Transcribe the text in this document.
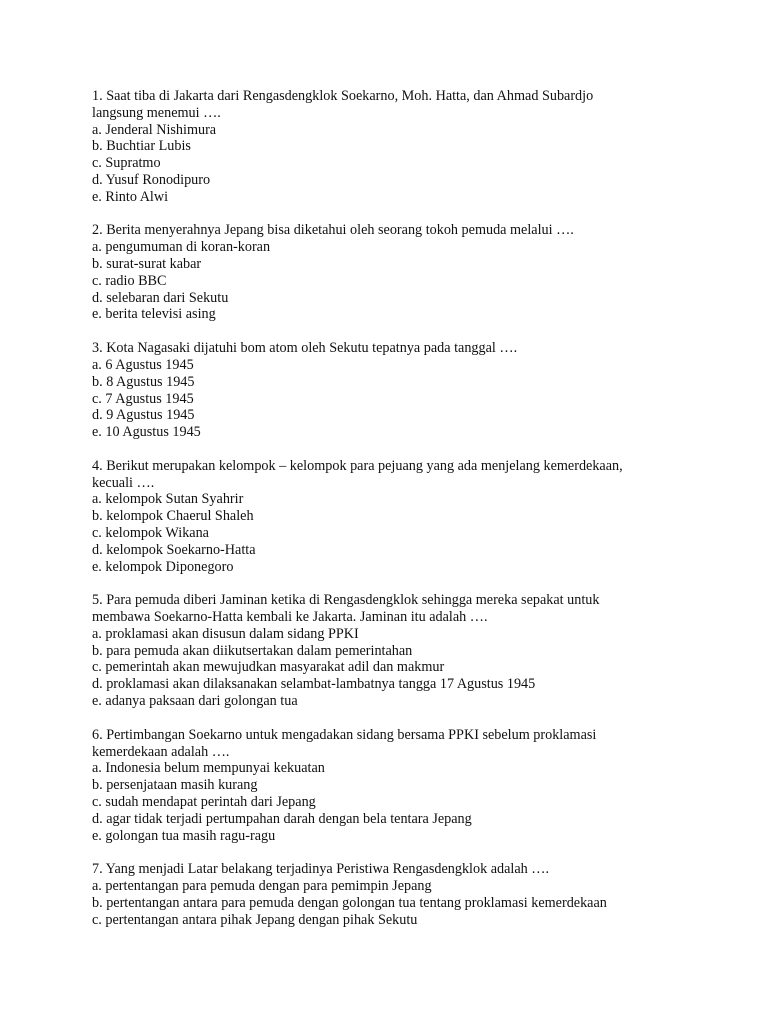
1. Saat tiba di Jakarta dari Rengasdengklok Soekarno, Moh. Hatta, dan Ahmad Subardjo
langsung menemui ….

a. Jenderal Nishimura
b. Buchtiar Lubis
c. Supratmo
d. Yusuf Ronodipuro
e. Rinto Alwi

2. Berita menyerahnya Jepang bisa diketahui oleh seorang tokoh pemuda melalui ….

a. pengumuman di koran-koran
b. surat-surat kabar
c. radio BBC
d. selebaran dari Sekutu
e. berita televisi asing

3. Kota Nagasaki dijatuhi bom atom oleh Sekutu tepatnya pada tanggal ….

a. 6 Agustus 1945
b. 8 Agustus 1945
c. 7 Agustus 1945
d. 9 Agustus 1945
e. 10 Agustus 1945

4. Berikut merupakan kelompok – kelompok para pejuang yang ada menjelang kemerdekaan,
kecuali ….

a. kelompok Sutan Syahrir
b. kelompok Chaerul Shaleh
c. kelompok Wikana
d. kelompok Soekarno-Hatta
e. kelompok Diponegoro

5. Para pemuda diberi Jaminan ketika di Rengasdengklok sehingga mereka sepakat untuk
membawa Soekarno-Hatta kembali ke Jakarta. Jaminan itu adalah ….

a. proklamasi akan disusun dalam sidang PPKI
b. para pemuda akan diikutsertakan dalam pemerintahan
c. pemerintah akan mewujudkan masyarakat adil dan makmur
d. proklamasi akan dilaksanakan selambat-lambatnya tangga 17 Agustus 1945
e. adanya paksaan dari golongan tua

6. Pertimbangan Soekarno untuk mengadakan sidang bersama PPKI sebelum proklamasi
kemerdekaan adalah ….

a. Indonesia belum mempunyai kekuatan
b. persenjataan masih kurang
c. sudah mendapat perintah dari Jepang
d. agar tidak terjadi pertumpahan darah dengan bela tentara Jepang
e. golongan tua masih ragu-ragu

7. Yang menjadi Latar belakang terjadinya Peristiwa Rengasdengklok adalah ….

a. pertentangan para pemuda dengan para pemimpin Jepang
b. pertentangan antara para pemuda dengan golongan tua tentang proklamasi kemerdekaan
c. pertentangan antara pihak Jepang dengan pihak Sekutu
